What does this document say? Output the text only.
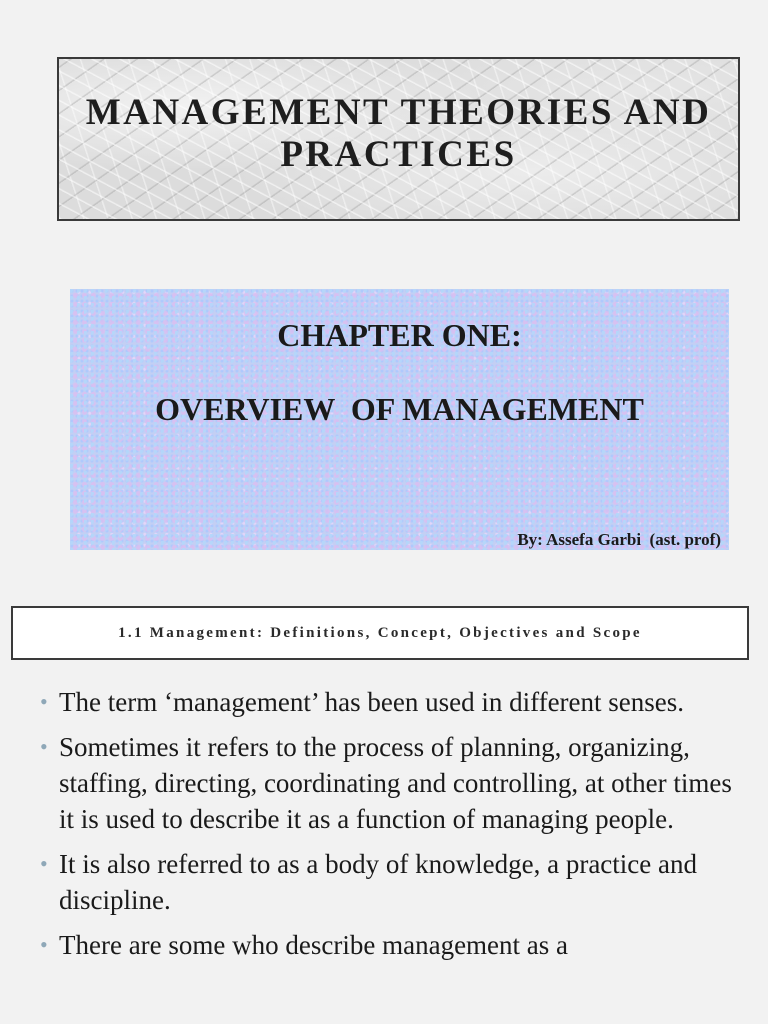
MANAGEMENT THEORIES AND
PRACTICES
CHAPTER ONE:
OVERVIEW  OF MANAGEMENT
By: Assefa Garbi  (ast. prof)
1.1 Management: Definitions, Concept, Objectives and Scope
• The term ‘management’ has been used in different senses.
• Sometimes it refers to the process of planning, organizing, staffing, directing, coordinating and controlling, at other times it is used to describe it as a function of managing people.
• It is also referred to as a body of knowledge, a practice and discipline.
• There are some who describe management as a
